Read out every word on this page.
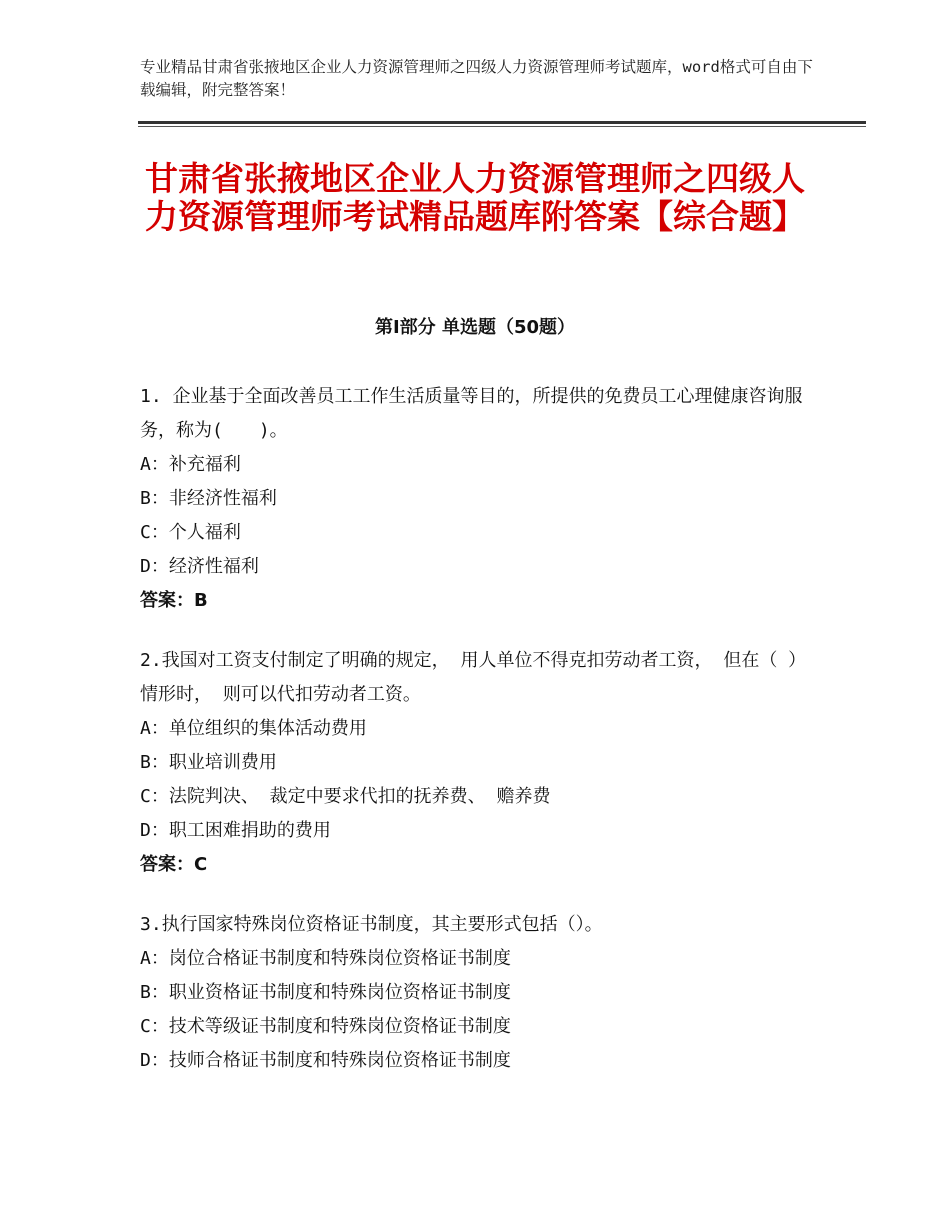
专业精品甘肃省张掖地区企业人力资源管理师之四级人力资源管理师考试题库，word格式可自由下载编辑，附完整答案！
甘肃省张掖地区企业人力资源管理师之四级人力资源管理师考试精品题库附答案【综合题】
第Ⅰ部分 单选题（50题）

1. 企业基于全面改善员工工作生活质量等目的，所提供的免费员工心理健康咨询服务，称为(　　)。

A：补充福利

B：非经济性福利

C：个人福利

D：经济性福利

答案：B

2.我国对工资支付制定了明确的规定， 用人单位不得克扣劳动者工资， 但在（ ） 情形时， 则可以代扣劳动者工资。

A：单位组织的集体活动费用

B：职业培训费用

C：法院判决、 裁定中要求代扣的抚养费、 赡养费

D：职工困难捐助的费用

答案：C

3.执行国家特殊岗位资格证书制度，其主要形式包括（）。

A：岗位合格证书制度和特殊岗位资格证书制度

B：职业资格证书制度和特殊岗位资格证书制度

C：技术等级证书制度和特殊岗位资格证书制度

D：技师合格证书制度和特殊岗位资格证书制度
